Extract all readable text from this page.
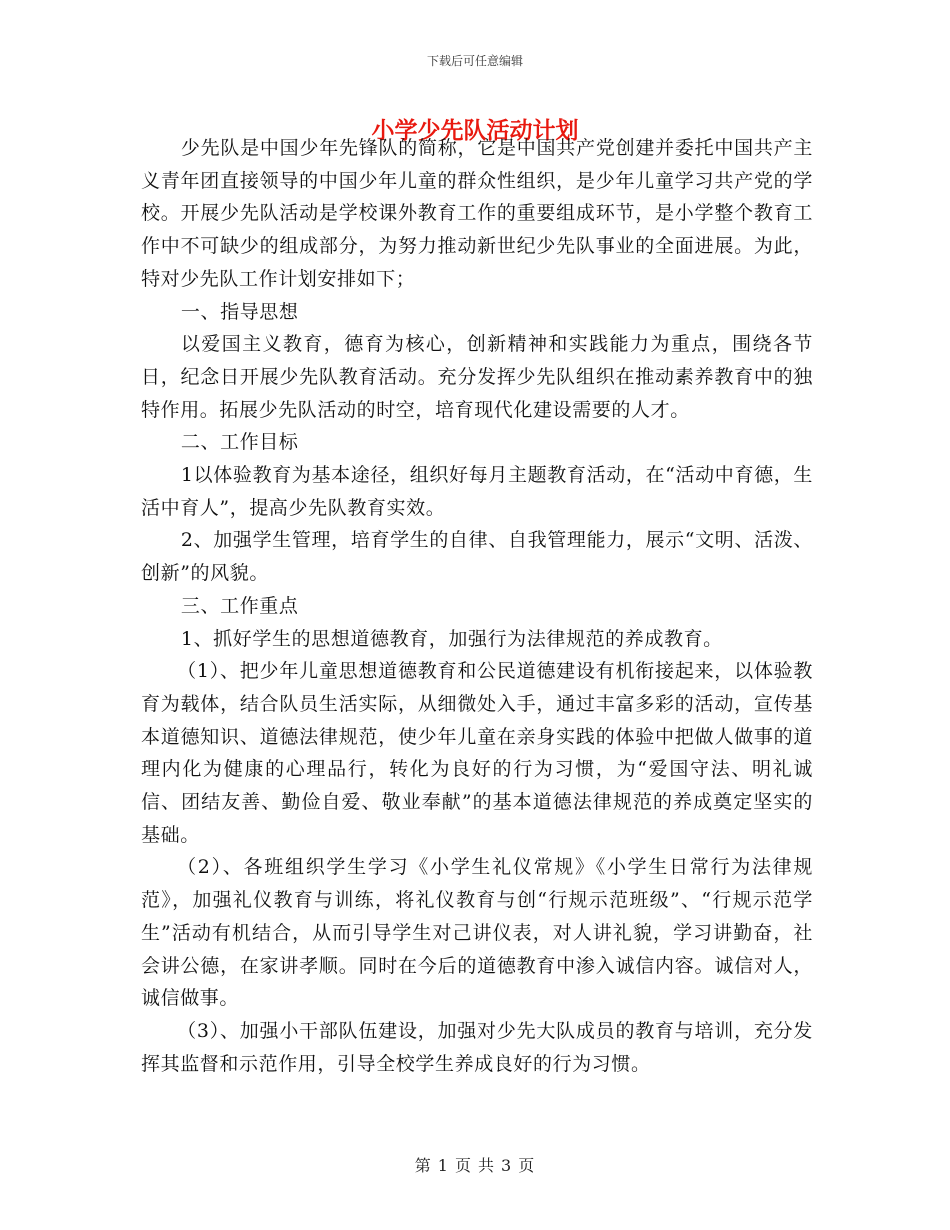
下载后可任意编辑
小学少先队活动计划

少先队是中国少年先锋队的简称，它是中国共产党创建并委托中国共产主义青年团直接领导的中国少年儿童的群众性组织，是少年儿童学习共产党的学校。开展少先队活动是学校课外教育工作的重要组成环节，是小学整个教育工作中不可缺少的组成部分，为努力推动新世纪少先队事业的全面进展。为此，特对少先队工作计划安排如下；

一、指导思想

以爱国主义教育，德育为核心，创新精神和实践能力为重点，围绕各节日，纪念日开展少先队教育活动。充分发挥少先队组织在推动素养教育中的独特作用。拓展少先队活动的时空，培育现代化建设需要的人才。

二、工作目标

1以体验教育为基本途径，组织好每月主题教育活动，在“活动中育德，生活中育人”，提高少先队教育实效。

2、加强学生管理，培育学生的自律、自我管理能力，展示“文明、活泼、创新”的风貌。

三、工作重点

1、抓好学生的思想道德教育，加强行为法律规范的养成教育。

（1）、把少年儿童思想道德教育和公民道德建设有机衔接起来，以体验教育为载体，结合队员生活实际，从细微处入手，通过丰富多彩的活动，宣传基本道德知识、道德法律规范，使少年儿童在亲身实践的体验中把做人做事的道理内化为健康的心理品行，转化为良好的行为习惯，为“爱国守法、明礼诚信、团结友善、勤俭自爱、敬业奉献”的基本道德法律规范的养成奠定坚实的基础。

（2）、各班组织学生学习《小学生礼仪常规》《小学生日常行为法律规范》，加强礼仪教育与训练，将礼仪教育与创“行规示范班级”、“行规示范学生”活动有机结合，从而引导学生对己讲仪表，对人讲礼貌，学习讲勤奋，社会讲公德，在家讲孝顺。同时在今后的道德教育中渗入诚信内容。诚信对人，诚信做事。

（3）、加强小干部队伍建设，加强对少先大队成员的教育与培训，充分发挥其监督和示范作用，引导全校学生养成良好的行为习惯。

第 1 页 共 3 页
